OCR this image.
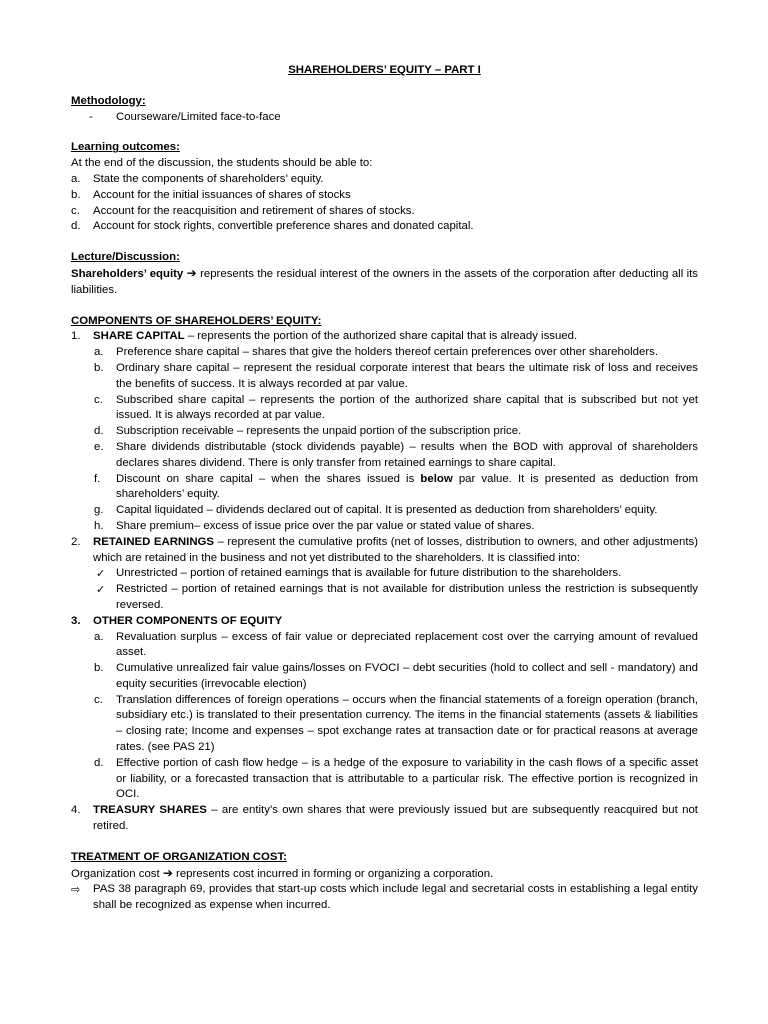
SHAREHOLDERS’ EQUITY – PART I
Methodology:
- Courseware/Limited face-to-face
Learning outcomes:
At the end of the discussion, the students should be able to:
a. State the components of shareholders’ equity.
b. Account for the initial issuances of shares of stocks
c. Account for the reacquisition and retirement of shares of stocks.
d. Account for stock rights, convertible preference shares and donated capital.
Lecture/Discussion:
Shareholders’ equity ➔ represents the residual interest of the owners in the assets of the corporation after deducting all its liabilities.
COMPONENTS OF SHAREHOLDERS’ EQUITY:
1. SHARE CAPITAL – represents the portion of the authorized share capital that is already issued.
a. Preference share capital – shares that give the holders thereof certain preferences over other shareholders.
b. Ordinary share capital – represent the residual corporate interest that bears the ultimate risk of loss and receives the benefits of success. It is always recorded at par value.
c. Subscribed share capital – represents the portion of the authorized share capital that is subscribed but not yet issued. It is always recorded at par value.
d. Subscription receivable – represents the unpaid portion of the subscription price.
e. Share dividends distributable (stock dividends payable) – results when the BOD with approval of shareholders declares shares dividend. There is only transfer from retained earnings to share capital.
f. Discount on share capital – when the shares issued is below par value. It is presented as deduction from shareholders’ equity.
g. Capital liquidated – dividends declared out of capital. It is presented as deduction from shareholders’ equity.
h. Share premium– excess of issue price over the par value or stated value of shares.
2. RETAINED EARNINGS – represent the cumulative profits (net of losses, distribution to owners, and other adjustments) which are retained in the business and not yet distributed to the shareholders. It is classified into:
✓ Unrestricted – portion of retained earnings that is available for future distribution to the shareholders.
✓ Restricted – portion of retained earnings that is not available for distribution unless the restriction is subsequently reversed.
3. OTHER COMPONENTS OF EQUITY
a. Revaluation surplus – excess of fair value or depreciated replacement cost over the carrying amount of revalued asset.
b. Cumulative unrealized fair value gains/losses on FVOCI – debt securities (hold to collect and sell - mandatory) and equity securities (irrevocable election)
c. Translation differences of foreign operations – occurs when the financial statements of a foreign operation (branch, subsidiary etc.) is translated to their presentation currency. The items in the financial statements (assets & liabilities – closing rate; Income and expenses – spot exchange rates at transaction date or for practical reasons at average rates. (see PAS 21)
d. Effective portion of cash flow hedge – is a hedge of the exposure to variability in the cash flows of a specific asset or liability, or a forecasted transaction that is attributable to a particular risk. The effective portion is recognized in OCI.
4. TREASURY SHARES – are entity’s own shares that were previously issued but are subsequently reacquired but not retired.
TREATMENT OF ORGANIZATION COST:
Organization cost ➔ represents cost incurred in forming or organizing a corporation.
⇨ PAS 38 paragraph 69, provides that start-up costs which include legal and secretarial costs in establishing a legal entity shall be recognized as expense when incurred.
